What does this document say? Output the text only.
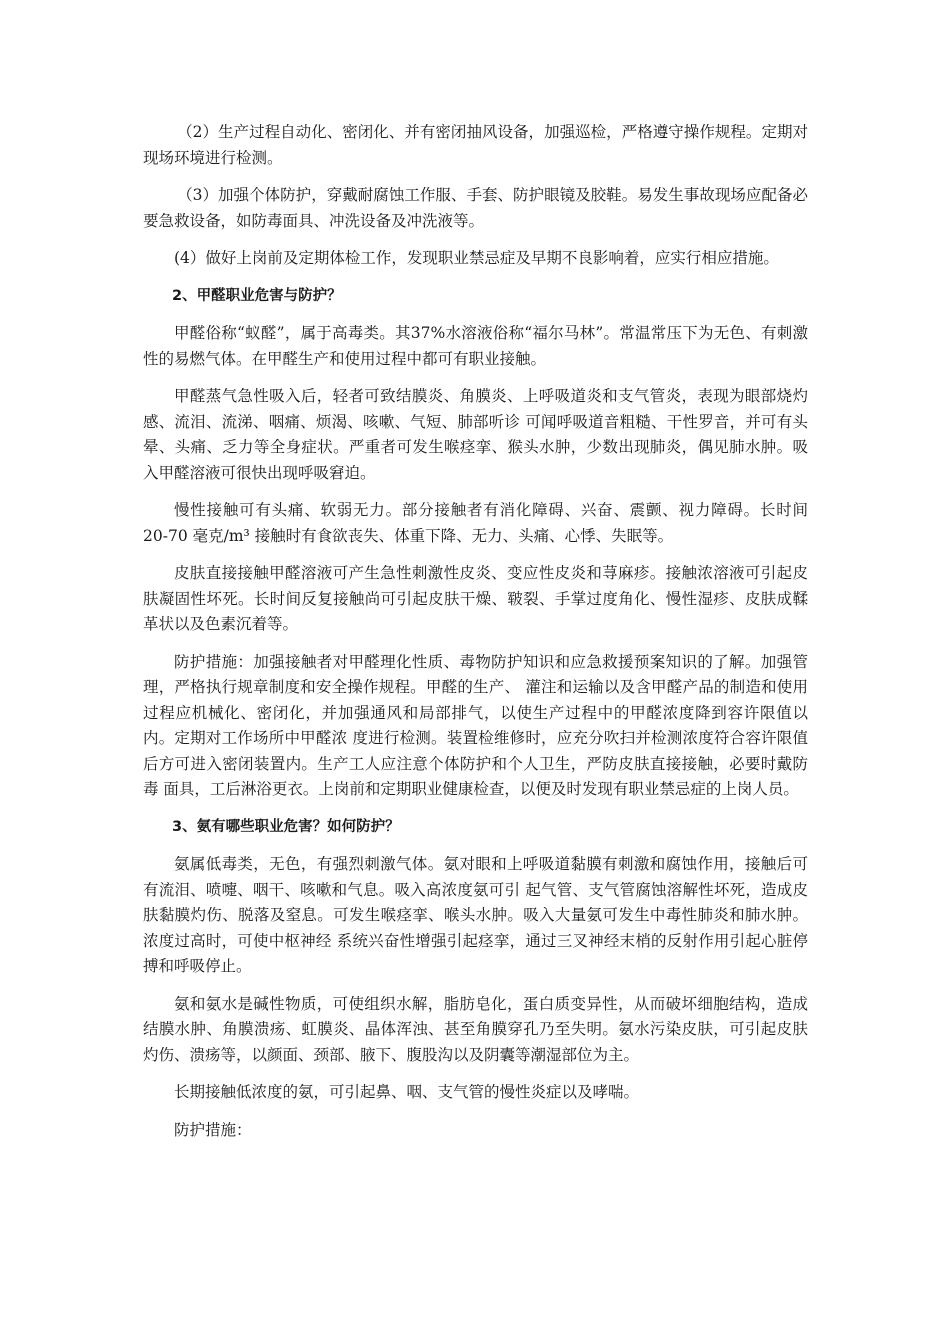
（2）生产过程自动化、密闭化、并有密闭抽风设备，加强巡检，严格遵守操作规程。定期对现场环境进行检测。

（3）加强个体防护，穿戴耐腐蚀工作服、手套、防护眼镜及胶鞋。易发生事故现场应配备必要急救设备，如防毒面具、冲洗设备及冲洗液等。

(4）做好上岗前及定期体检工作，发现职业禁忌症及早期不良影响着，应实行相应措施。

2、甲醛职业危害与防护？

甲醛俗称“蚁醛”，属于高毒类。其37%水溶液俗称“福尔马林”。常温常压下为无色、有刺激性的易燃气体。在甲醛生产和使用过程中都可有职业接触。

甲醛蒸气急性吸入后，轻者可致结膜炎、角膜炎、上呼吸道炎和支气管炎，表现为眼部烧灼感、流泪、流涕、咽痛、烦渴、咳嗽、气短、肺部听诊 可闻呼吸道音粗糙、干性罗音，并可有头晕、头痛、乏力等全身症状。严重者可发生喉痉挛、猴头水肿，少数出现肺炎，偶见肺水肿。吸入甲醛溶液可很快出现呼吸窘迫。

慢性接触可有头痛、软弱无力。部分接触者有消化障碍、兴奋、震颤、视力障碍。长时间 20-70 毫克/m³ 接触时有食欲丧失、体重下降、无力、头痛、心悸、失眠等。

皮肤直接接触甲醛溶液可产生急性刺激性皮炎、变应性皮炎和荨麻疹。接触浓溶液可引起皮肤凝固性坏死。长时间反复接触尚可引起皮肤干燥、皲裂、手掌过度角化、慢性湿疹、皮肤成鞣革状以及色素沉着等。

防护措施：加强接触者对甲醛理化性质、毒物防护知识和应急救援预案知识的了解。加强管理，严格执行规章制度和安全操作规程。甲醛的生产、 灌注和运输以及含甲醛产品的制造和使用过程应机械化、密闭化，并加强通风和局部排气，以使生产过程中的甲醛浓度降到容许限值以内。定期对工作场所中甲醛浓 度进行检测。装置检维修时，应充分吹扫并检测浓度符合容许限值后方可进入密闭装置内。生产工人应注意个体防护和个人卫生，严防皮肤直接接触，必要时戴防毒 面具，工后淋浴更衣。上岗前和定期职业健康检查，以便及时发现有职业禁忌症的上岗人员。

3、氨有哪些职业危害？如何防护？

氨属低毒类，无色，有强烈刺激气体。氨对眼和上呼吸道黏膜有刺激和腐蚀作用，接触后可有流泪、喷嚏、咽干、咳嗽和气息。吸入高浓度氨可引 起气管、支气管腐蚀溶解性坏死，造成皮肤黏膜灼伤、脱落及窒息。可发生喉痉挛、喉头水肿。吸入大量氨可发生中毒性肺炎和肺水肿。浓度过高时，可使中枢神经 系统兴奋性增强引起痉挛，通过三叉神经末梢的反射作用引起心脏停搏和呼吸停止。

氨和氨水是碱性物质，可使组织水解，脂肪皂化，蛋白质变异性，从而破坏细胞结构，造成结膜水肿、角膜溃疡、虹膜炎、晶体浑浊、甚至角膜穿孔乃至失明。氨水污染皮肤，可引起皮肤灼伤、溃疡等，以颜面、颈部、腋下、腹股沟以及阴囊等潮湿部位为主。

长期接触低浓度的氨，可引起鼻、咽、支气管的慢性炎症以及哮喘。

防护措施：
